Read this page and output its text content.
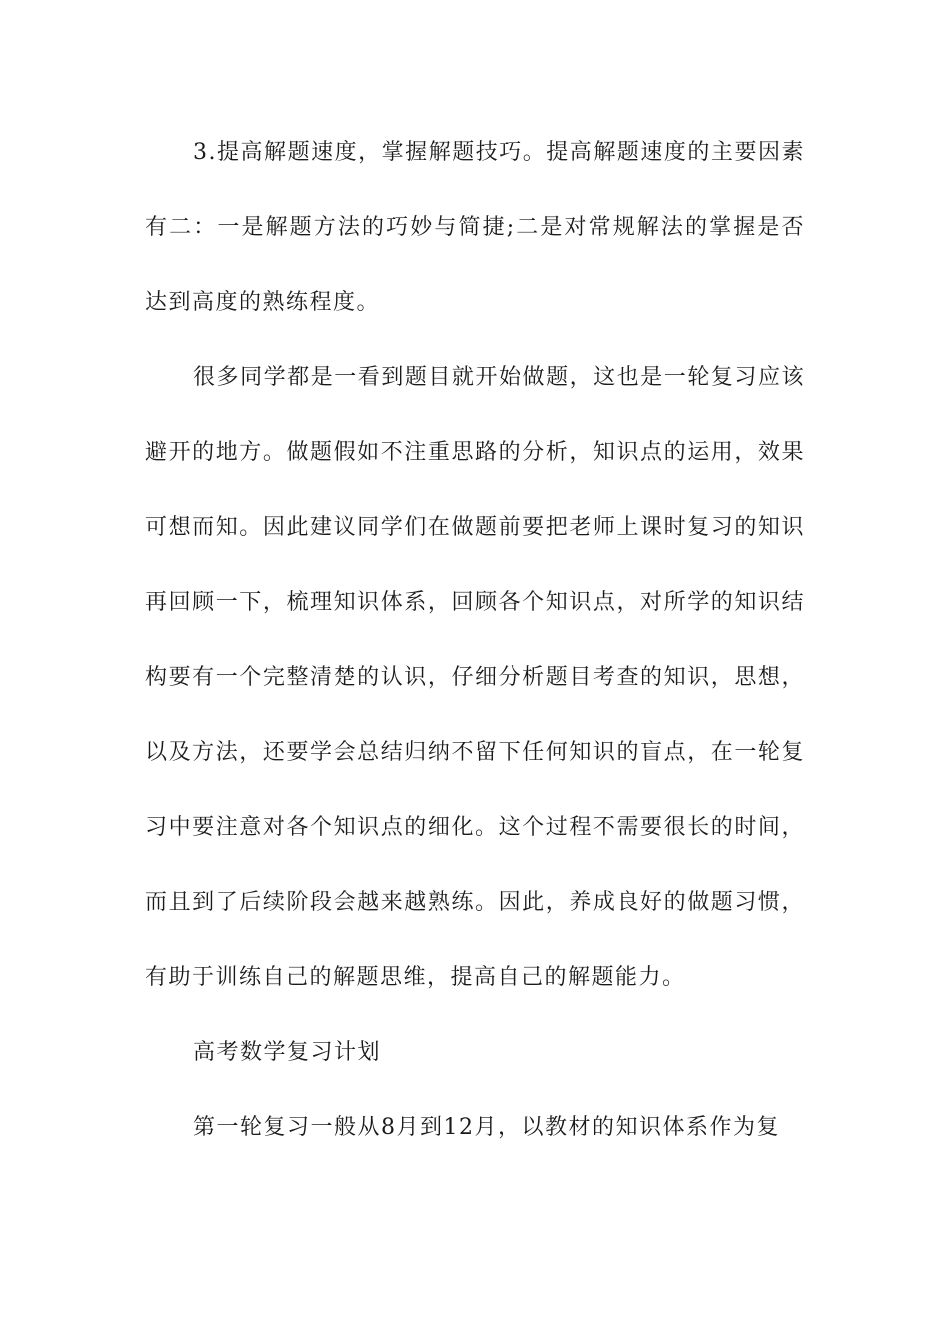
3.提高解题速度，掌握解题技巧。提高解题速度的主要因素有二：一是解题方法的巧妙与简捷;二是对常规解法的掌握是否达到高度的熟练程度。

很多同学都是一看到题目就开始做题，这也是一轮复习应该避开的地方。做题假如不注重思路的分析，知识点的运用，效果可想而知。因此建议同学们在做题前要把老师上课时复习的知识再回顾一下，梳理知识体系，回顾各个知识点，对所学的知识结构要有一个完整清楚的认识，仔细分析题目考查的知识，思想，以及方法，还要学会总结归纳不留下任何知识的盲点，在一轮复习中要注意对各个知识点的细化。这个过程不需要很长的时间，而且到了后续阶段会越来越熟练。因此，养成良好的做题习惯，有助于训练自己的解题思维，提高自己的解题能力。

高考数学复习计划

第一轮复习一般从8月到12月，以教材的知识体系作为复
